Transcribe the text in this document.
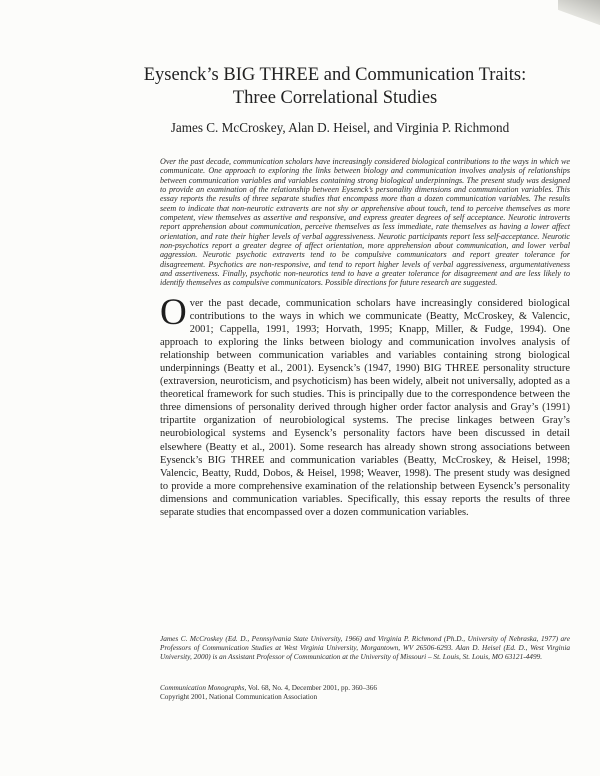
Eysenck’s BIG THREE and Communication Traits:
Three Correlational Studies
James C. McCroskey, Alan D. Heisel, and Virginia P. Richmond
Over the past decade, communication scholars have increasingly considered biological contributions to the ways in which we communicate. One approach to exploring the links between biology and communication involves analysis of relationships between communication variables and variables containing strong biological underpinnings. The present study was designed to provide an examination of the relationship between Eysenck’s personality dimensions and communication variables. This essay reports the results of three separate studies that encompass more than a dozen communication variables. The results seem to indicate that non-neurotic extraverts are not shy or apprehensive about touch, tend to perceive themselves as more competent, view themselves as assertive and responsive, and express greater degrees of self acceptance. Neurotic introverts report apprehension about communication, perceive themselves as less immediate, rate themselves as having a lower affect orientation, and rate their higher levels of verbal aggressiveness. Neurotic participants report less self-acceptance. Neurotic non-psychotics report a greater degree of affect orientation, more apprehension about communication, and lower verbal aggression. Neurotic psychotic extraverts tend to be compulsive communicators and report greater tolerance for disagreement. Psychotics are non-responsive, and tend to report higher levels of verbal aggressiveness, argumentativeness and assertiveness. Finally, psychotic non-neurotics tend to have a greater tolerance for disagreement and are less likely to identify themselves as compulsive communicators. Possible directions for future research are suggested.
Over the past decade, communication scholars have increasingly considered biological contributions to the ways in which we communicate (Beatty, McCroskey, & Valencic, 2001; Cappella, 1991, 1993; Horvath, 1995; Knapp, Miller, & Fudge, 1994). One approach to exploring the links between biology and communication involves analysis of relationship between communication variables and variables containing strong biological underpinnings (Beatty et al., 2001). Eysenck’s (1947, 1990) BIG THREE personality structure (extraversion, neuroticism, and psychoticism) has been widely, albeit not universally, adopted as a theoretical framework for such studies. This is principally due to the correspondence between the three dimensions of personality derived through higher order factor analysis and Gray’s (1991) tripartite organization of neurobiological systems. The precise linkages between Gray’s neurobiological systems and Eysenck’s personality factors have been discussed in detail elsewhere (Beatty et al., 2001). Some research has already shown strong associations between Eysenck’s BIG THREE and communication variables (Beatty, McCroskey, & Heisel, 1998; Valencic, Beatty, Rudd, Dobos, & Heisel, 1998; Weaver, 1998). The present study was designed to provide a more comprehensive examination of the relationship between Eysenck’s personality dimensions and communication variables. Specifically, this essay reports the results of three separate studies that encompassed over a dozen communication variables.
James C. McCroskey (Ed. D., Pennsylvania State University, 1966) and Virginia P. Richmond (Ph.D., University of Nebraska, 1977) are Professors of Communication Studies at West Virginia University, Morgantown, WV 26506-6293. Alan D. Heisel (Ed. D., West Virginia University, 2000) is an Assistant Professor of Communication at the University of Missouri – St. Louis, St. Louis, MO 63121-4499.
Communication Monographs, Vol. 68, No. 4, December 2001, pp. 360–366
Copyright 2001, National Communication Association
